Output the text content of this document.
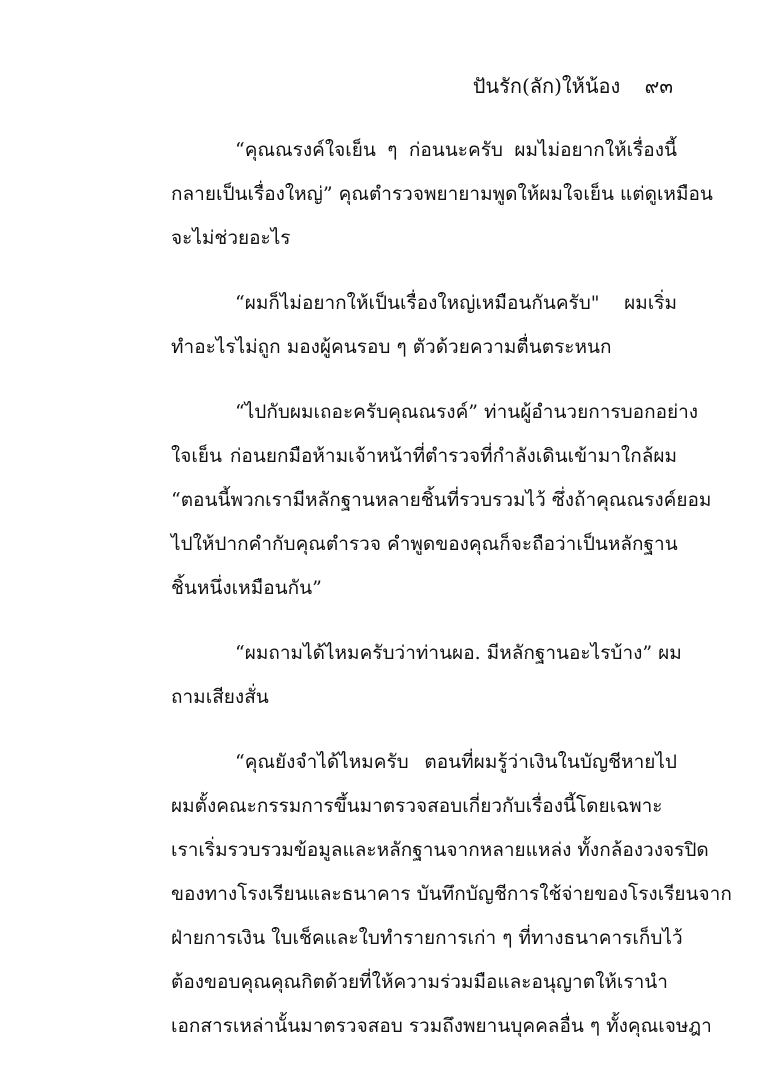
ปันรัก(ลัก)ให้น้อง ๙๓
“คุณณรงค์ใจเย็น ๆ ก่อนนะครับ ผมไม่อยากให้เรื่องนี้
กลายเป็นเรื่องใหญ่” คุณตำรวจพยายามพูดให้ผมใจเย็น แต่ดูเหมือน
จะไม่ช่วยอะไร
“ผมก็ไม่อยากให้เป็นเรื่องใหญ่เหมือนกันครับ" ผมเริ่ม
ทำอะไรไม่ถูก มองผู้คนรอบ ๆ ตัวด้วยความตื่นตระหนก
“ไปกับผมเถอะครับคุณณรงค์” ท่านผู้อำนวยการบอกอย่าง
ใจเย็น ก่อนยกมือห้ามเจ้าหน้าที่ตำรวจที่กำลังเดินเข้ามาใกล้ผม
“ตอนนี้พวกเรามีหลักฐานหลายชิ้นที่รวบรวมไว้ ซึ่งถ้าคุณณรงค์ยอม
ไปให้ปากคำกับคุณตำรวจ คำพูดของคุณก็จะถือว่าเป็นหลักฐาน
ชิ้นหนึ่งเหมือนกัน”
“ผมถามได้ไหมครับว่าท่านผอ. มีหลักฐานอะไรบ้าง” ผม
ถามเสียงสั่น
“คุณยังจำได้ไหมครับ ตอนที่ผมรู้ว่าเงินในบัญชีหายไป
ผมตั้งคณะกรรมการขึ้นมาตรวจสอบเกี่ยวกับเรื่องนี้โดยเฉพาะ
เราเริ่มรวบรวมข้อมูลและหลักฐานจากหลายแหล่ง ทั้งกล้องวงจรปิด
ของทางโรงเรียนและธนาคาร บันทึกบัญชีการใช้จ่ายของโรงเรียนจาก
ฝ่ายการเงิน ใบเช็คและใบทำรายการเก่า ๆ ที่ทางธนาคารเก็บไว้
ต้องขอบคุณคุณกิตด้วยที่ให้ความร่วมมือและอนุญาตให้เรานำ
เอกสารเหล่านั้นมาตรวจสอบ รวมถึงพยานบุคคลอื่น ๆ ทั้งคุณเจษฎา
